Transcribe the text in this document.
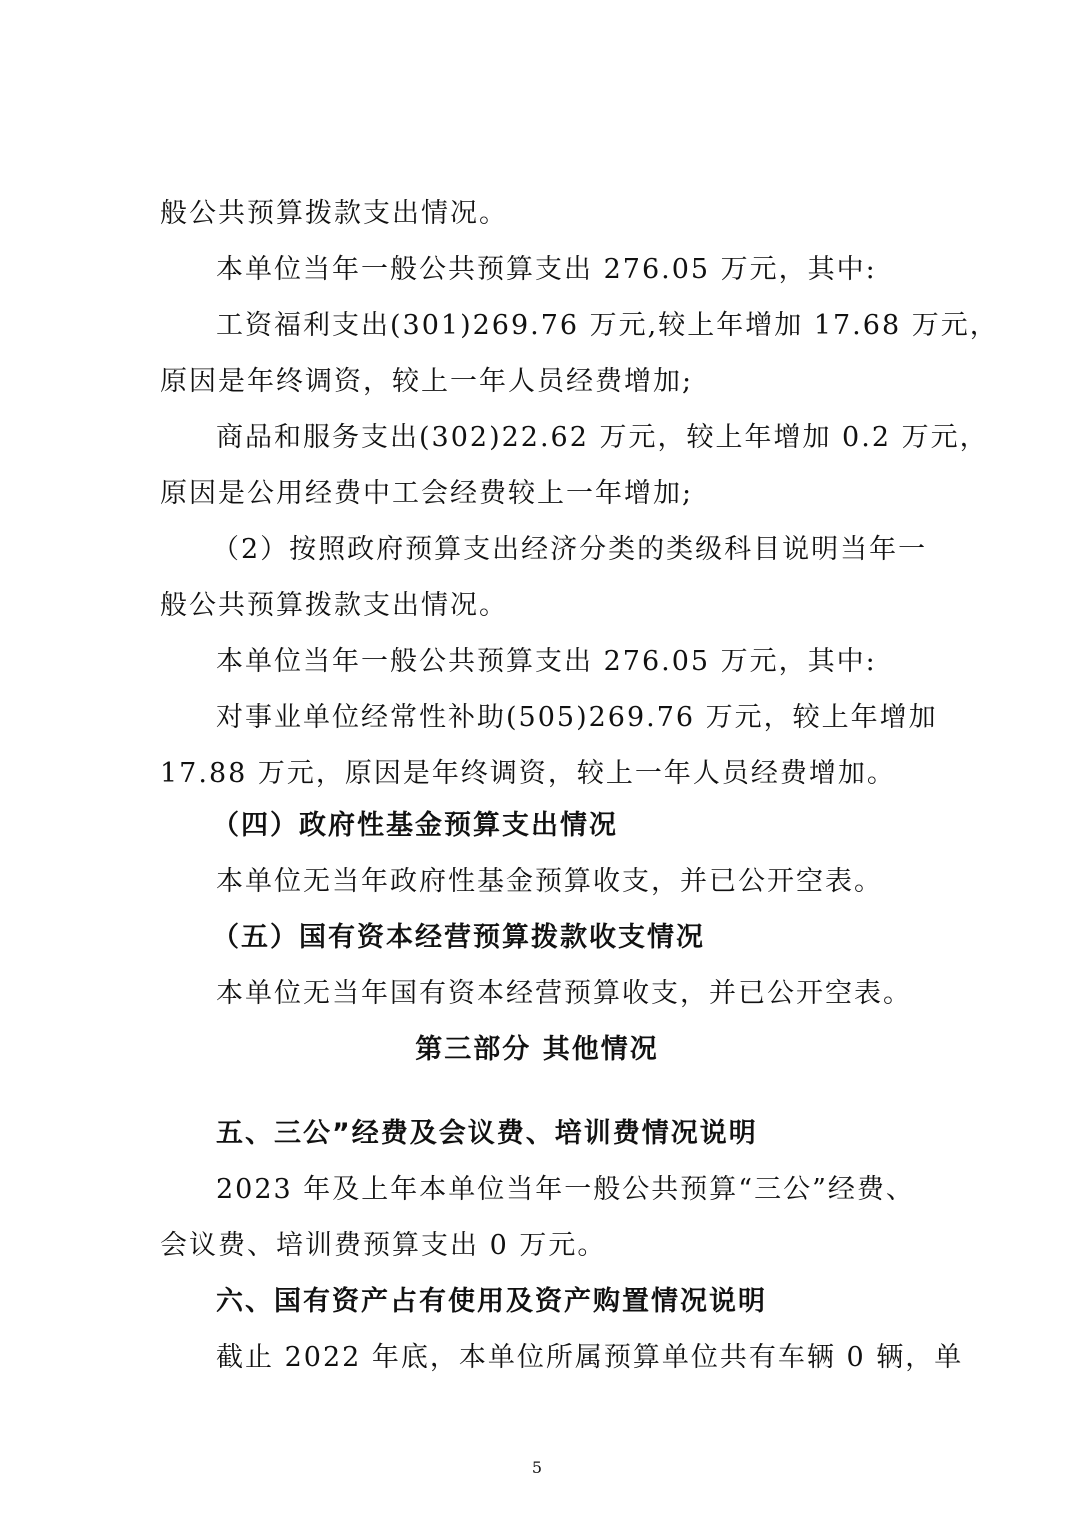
般公共预算拨款支出情况。
本单位当年一般公共预算支出 276.05 万元，其中:
工资福利支出(301)269.76 万元,较上年增加 17.68 万元，
原因是年终调资，较上一年人员经费增加;
商品和服务支出(302)22.62 万元，较上年增加 0.2 万元，
原因是公用经费中工会经费较上一年增加;
（2）按照政府预算支出经济分类的类级科目说明当年一
般公共预算拨款支出情况。
本单位当年一般公共预算支出 276.05 万元，其中:
对事业单位经常性补助(505)269.76 万元，较上年增加
17.88 万元，原因是年终调资，较上一年人员经费增加。
（四）政府性基金预算支出情况
本单位无当年政府性基金预算收支，并已公开空表。
（五）国有资本经营预算拨款收支情况
本单位无当年国有资本经营预算收支，并已公开空表。
第三部分 其他情况
五、三公”经费及会议费、培训费情况说明
2023 年及上年本单位当年一般公共预算“三公”经费、
会议费、培训费预算支出 0 万元。
六、国有资产占有使用及资产购置情况说明
截止 2022 年底，本单位所属预算单位共有车辆 0 辆，单
5
